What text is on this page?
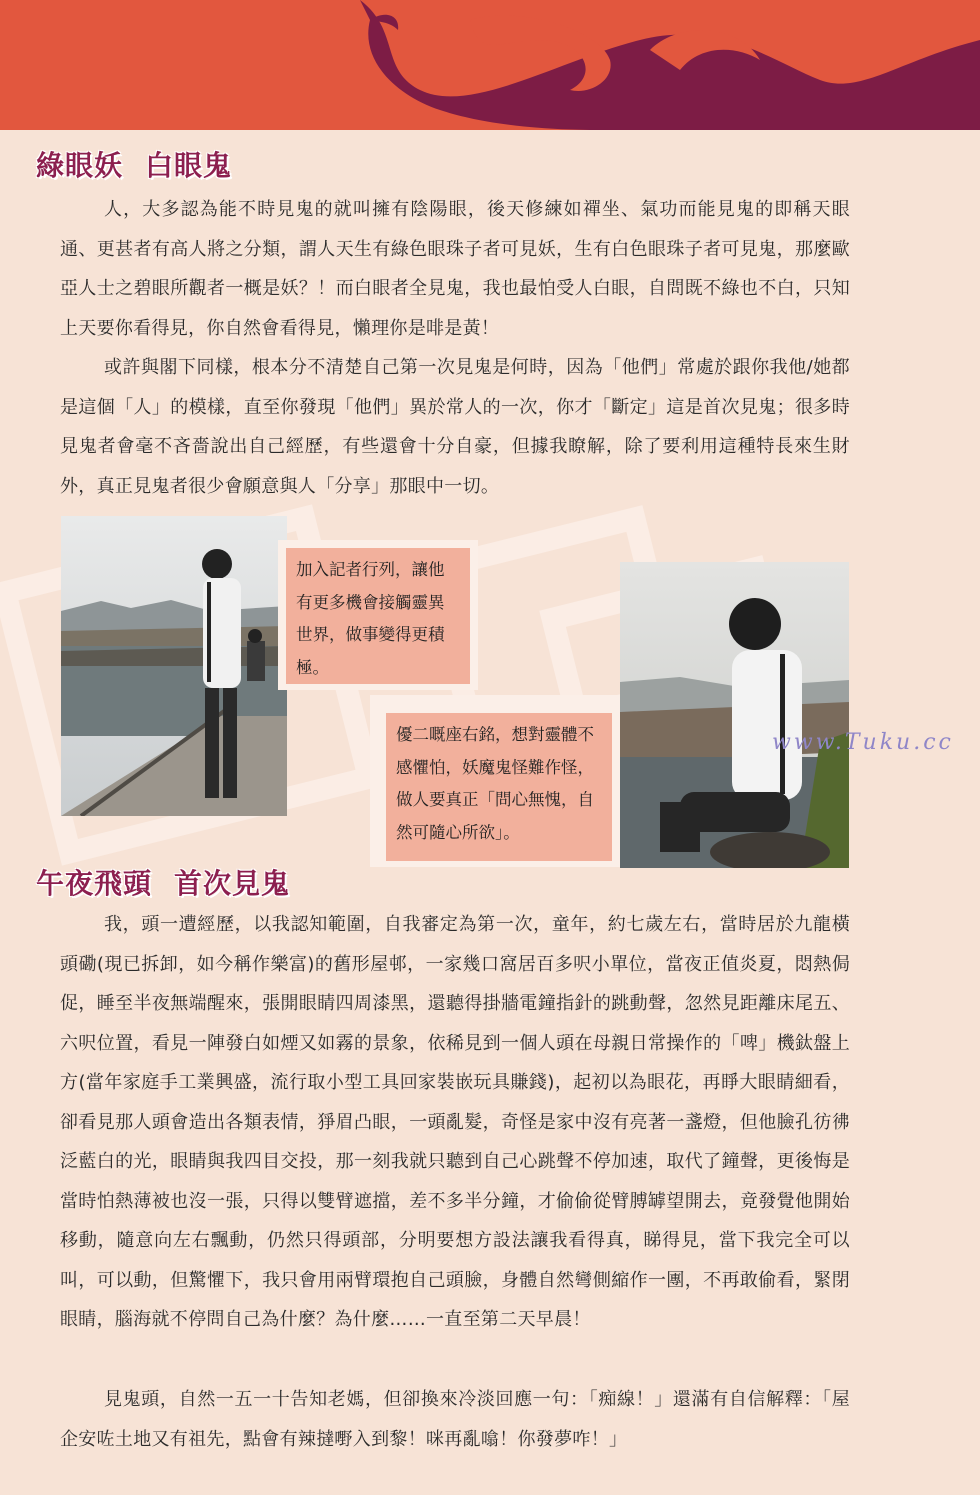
綠眼妖 白眼鬼
人，大多認為能不時見鬼的就叫擁有陰陽眼，後天修練如禪坐、氣功而能見鬼的即稱天眼通、更甚者有高人將之分類，謂人天生有綠色眼珠子者可見妖，生有白色眼珠子者可見鬼，那麼歐亞人士之碧眼所觀者一概是妖？！而白眼者全見鬼，我也最怕受人白眼，自問既不綠也不白，只知上天要你看得見，你自然會看得見，懶理你是啡是黃！
或許與閣下同樣，根本分不清楚自己第一次見鬼是何時，因為「他們」常處於跟你我他/她都是這個「人」的模樣，直至你發現「他們」異於常人的一次，你才「斷定」這是首次見鬼；很多時見鬼者會毫不吝嗇說出自己經歷，有些還會十分自豪，但據我瞭解，除了要利用這種特長來生財外，真正見鬼者很少會願意與人「分享」那眼中一切。
加入記者行列，讓他有更多機會接觸靈異世界，做事變得更積極。
優二嘅座右銘，想對靈體不感懼怕，妖魔鬼怪難作怪，做人要真正「問心無愧，自然可隨心所欲」。
www.Tuku.cc
午夜飛頭 首次見鬼
我，頭一遭經歷，以我認知範圍，自我審定為第一次，童年，約七歲左右，當時居於九龍橫頭磡(現已拆卸，如今稱作樂富)的舊形屋邨，一家幾口窩居百多呎小單位，當夜正值炎夏，悶熱侷促，睡至半夜無端醒來，張開眼睛四周漆黑，還聽得掛牆電鐘指針的跳動聲，忽然見距離床尾五、六呎位置，看見一陣發白如煙又如霧的景象，依稀見到一個人頭在母親日常操作的「啤」機鈦盤上方(當年家庭手工業興盛，流行取小型工具回家裝嵌玩具賺錢)，起初以為眼花，再睜大眼睛細看，卻看見那人頭會造出各類表情，猙眉凸眼，一頭亂髮，奇怪是家中沒有亮著一盞燈，但他臉孔彷彿泛藍白的光，眼睛與我四目交投，那一刻我就只聽到自己心跳聲不停加速，取代了鐘聲，更後悔是當時怕熱薄被也沒一張，只得以雙臂遮擋，差不多半分鐘，才偷偷從臂膊罅望開去，竟發覺他開始移動，隨意向左右飄動，仍然只得頭部，分明要想方設法讓我看得真，睇得見，當下我完全可以叫，可以動，但驚懼下，我只會用兩臂環抱自己頭臉，身體自然彎側縮作一團，不再敢偷看，緊閉眼睛，腦海就不停問自己為什麼？為什麼……一直至第二天早晨！
見鬼頭，自然一五一十告知老媽，但卻換來冷淡回應一句：「痴線！」還滿有自信解釋：「屋企安咗土地又有祖先，點會有辣撻嘢入到黎！咪再亂噏！你發夢咋！」
